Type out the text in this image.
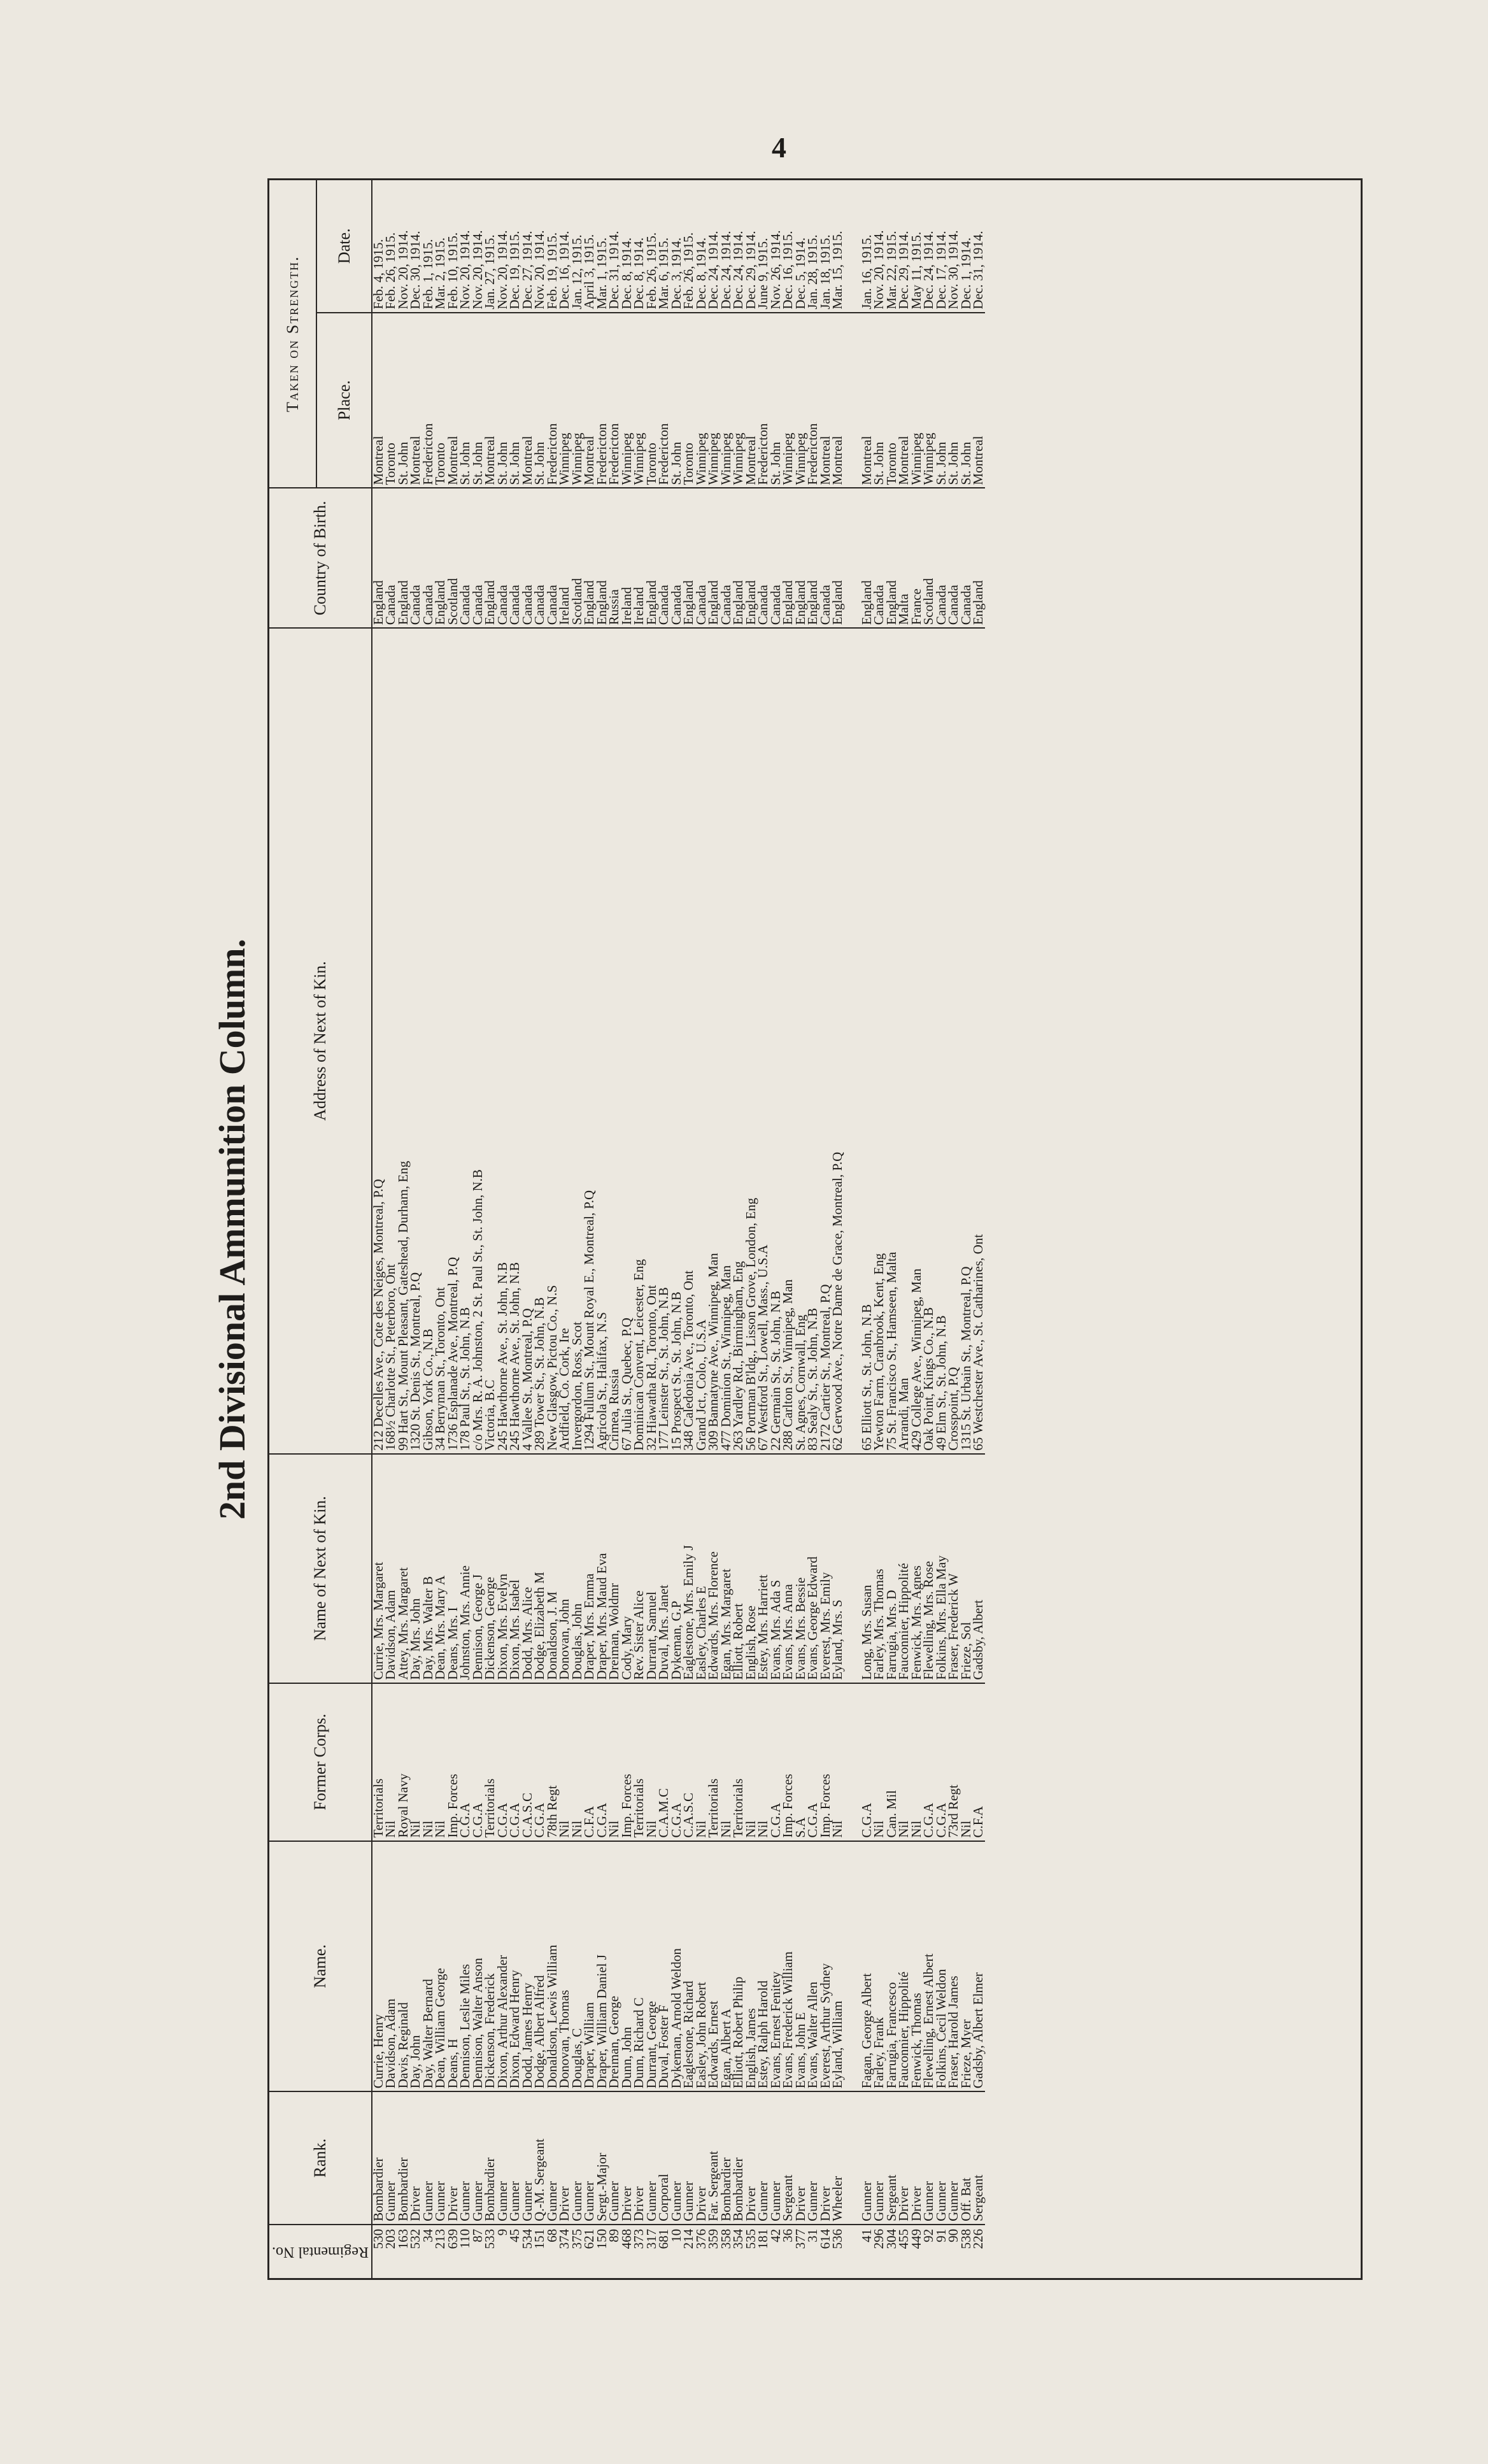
4
2nd Divisional Ammunition Column.
Regimental No.	Rank.	Name.	Former Corps.	Name of Next of Kin.	Address of Next of Kin.	Country of Birth.	Taken on Strength.	
							Place.	Date.
530	Bombardier	Currie, Henry	Territorials	Currie, Mrs. Margaret	212 Decelles Ave., Cote des Neiges, Montreal, P.Q	England	Montreal	Feb. 4, 1915.
203	Gunner	Davidson, Adam	Nil	Davidson, Adam	168½ Charlotte St., Peterboro, Ont	Canada	Toronto	Feb. 26, 1915.
163	Bombardier	Davis, Reginald	Royal Navy	Attey, Mrs. Margaret	99 Hart St., Mount Pleasant, Gateshead, Durham, Eng	England	St. John	Nov. 20, 1914.
532	Driver	Day, John	Nil	Day, Mrs. John	1320 St. Denis St., Montreal, P.Q	Canada	Montreal	Dec. 30, 1914.
34	Gunner	Day, Walter Bernard	Nil	Day, Mrs. Walter B	Gibson, York Co., N.B	Canada	Fredericton	Feb. 1, 1915.
213	Gunner	Dean, William George	Nil	Dean, Mrs. Mary A	34 Berryman St., Toronto, Ont	England	Toronto	Mar. 2, 1915.
639	Driver	Deans, H	Imp. Forces	Deans, Mrs. I	1736 Esplanade Ave., Montreal, P.Q	Scotland	Montreal	Feb. 10, 1915.
110	Gunner	Dennison, Leslie Miles	C.G.A	Johnston, Mrs. Annie	178 Paul St., St. John, N.B	Canada	St. John	Nov. 20, 1914.
87	Gunner	Dennison, Walter Anson	C.G.A	Dennison, George J	c/o Mrs. R. A. Johnston, 2 St. Paul St., St. John, N.B	Canada	St. John	Nov. 20, 1914.
533	Bombardier	Dickenson, Frederick	Territorials	Dickenson, George	Victoria, B.C	England	Montreal	Jan. 27, 1915.
9	Gunner	Dixon, Arthur Alexander	C.G.A	Dixon, Mrs. Evelyn	245 Hawthorne Ave., St. John, N.B	Canada	St. John	Nov. 20, 1914.
45	Gunner	Dixon, Edward Henry	C.G.A	Dixon, Mrs. Isabel	245 Hawthorne Ave., St. John, N.B	Canada	St. John	Dec. 19, 1915.
534	Gunner	Dodd, James Henry	C.A.S.C	Dodd, Mrs. Alice	4 Vallee St., Montreal, P.Q	Canada	Montreal	Dec. 27, 1914.
151	Q.-M. Sergeant	Dodge, Albert Alfred	C.G.A	Dodge, Elizabeth M	289 Tower St., St. John, N.B	Canada	St. John	Nov. 20, 1914.
68	Gunner	Donaldson, Lewis William	78th Regt	Donaldson, J. M	New Glasgow, Pictou Co., N.S	Canada	Fredericton	Feb. 19, 1915.
374	Driver	Donovan, Thomas	Nil	Donovan, John	Ardfield, Co. Cork, Ire	Ireland	Winnipeg	Dec. 16, 1914.
375	Gunner	Douglas, C	Nil	Douglas, John	Invergordon, Ross, Scot	Scotland	Winnipeg	Jan. 12, 1915.
621	Gunner	Draper, William	C.F.A	Draper, Mrs. Emma	1294 Fullum St., Mount Royal E., Montreal, P.Q	England	Montreal	April 3, 1915.
150	Sergt.-Major	Draper, William Daniel J	C.G.A	Draper, Mrs. Maud Eva	Agricola St., Halifax, N.S	England	Fredericton	Mar. 1, 1915.
89	Gunner	Dreiman, George	Nil	Dreiman, Woldmr	Crimea, Russia	Russia	Fredericton	Dec. 31, 1914.
468	Driver	Dunn, John	Imp. Forces	Cody, Mary	67 Julia St., Quebec, P.Q	Ireland	Winnipeg	Dec. 8, 1914.
373	Driver	Dunn, Richard C	Territorials	Rev. Sister Alice	Dominican Convent, Leicester, Eng	Ireland	Winnipeg	Dec. 8, 1914.
317	Gunner	Durrant, George	Nil	Durrant, Samuel	32 Hiawatha Rd., Toronto, Ont	England	Toronto	Feb. 26, 1915.
681	Corporal	Duval, Foster F	C.A.M.C	Duval, Mrs. Janet	177 Leinster St., St. John, N.B	Canada	Fredericton	Mar. 6, 1915.
10	Gunner	Dykeman, Arnold Weldon	C.G.A	Dykeman, G.P	15 Prospect St., St. John, N.B	Canada	St. John	Dec. 3, 1914.
214	Gunner	Eaglestone, Richard	C.A.S.C	Eaglestone, Mrs. Emily J	348 Caledonia Ave., Toronto, Ont	England	Toronto	Feb. 26, 1915.
376	Driver	Easley, John Robert	Nil	Easley, Charles E	Grand Jct., Colo., U.S.A	Canada	Winnipeg	Dec. 8, 1914.
359	Far. Sergeant	Edwards, Ernest	Territorials	Edwards, Mrs. Florence	309 Bannatyne Ave., Winnipeg, Man	England	Winnipeg	Dec. 24, 1914.
358	Bombardier	Egan, Albert A	Nil	Egan, Mrs. Margaret	477 Dominion St., Winnipeg, Man	Canada	Winnipeg	Dec. 24, 1914.
354	Bombardier	Elliott, Robert Philip	Territorials	Elliott, Robert	263 Yardley Rd., Birmingham, Eng	England	Winnipeg	Dec. 24, 1914.
535	Driver	English, James	Nil	English, Rose	56 Portman B'ldg., Lisson Grove, London, Eng	England	Montreal	Dec. 29, 1914.
181	Gunner	Estey, Ralph Harold	Nil	Estey, Mrs. Harriett	67 Westford St., Lowell, Mass., U.S.A	Canada	Fredericton	June 9, 1915.
42	Gunner	Evans, Ernest Fenitey	C.G.A	Evans, Mrs. Ada S	22 Germain St., St. John, N.B	Canada	St. John	Nov. 26, 1914.
36	Sergeant	Evans, Frederick William	Imp. Forces	Evans, Mrs. Anna	288 Carlton St., Winnipeg, Man	England	Winnipeg	Dec. 16, 1915.
377	Driver	Evans, John E	S.A	Evans, Mrs. Bessie	St. Agnes, Cornwall, Eng	England	Winnipeg	Dec. 5, 1914.
31	Gunner	Evans, Walter Allen	C.G.A	Evans, George Edward	83 Sealy St., St. John, N.B	England	Fredericton	Jan. 28, 1915.
614	Driver	Everest, Arthur Sydney	Imp. Forces	Everest, Mrs. Emily	2172 Cartier St., Montreal, P.Q	Canada	Montreal	Jan. 18, 1915.
536	Wheeler	Eyland, William	Nil	Eyland, Mrs. S	62 Gerwood Ave., Notre Dame de Grace, Montreal, P.Q	England	Montreal	Mar. 15, 1915.

41	Gunner	Fagan, George Albert	C.G.A	Long, Mrs. Susan	65 Elliott St., St. John, N.B	England	Montreal	Jan. 16, 1915.
296	Gunner	Farley, Frank	Nil	Farley, Mrs. Thomas	Yewton Farm, Cranbrook, Kent, Eng	Canada	St. John	Nov. 20, 1914.
304	Sergeant	Farrugia, Francesco	Can. Mil	Farrugia, Mrs. D	75 St. Francisco St., Hamseen, Malta	England	Toronto	Mar. 22, 1915.
455	Driver	Fauconnier, Hippolité	Nil	Fauconnier, Hippolité	Arrandi, Man	Malta	Montreal	Dec. 29, 1914.
449	Driver	Fenwick, Thomas	Nil	Fenwick, Mrs. Agnes	429 College Ave., Winnipeg, Man	France	Winnipeg	May 11, 1915.
92	Gunner	Flewelling, Ernest Albert	C.G.A	Flewelling, Mrs. Rose	Oak Point, Kings Co., N.B	Scotland	Winnipeg	Dec. 24, 1914.
91	Gunner	Folkins, Cecil Weldon	C.G.A	Folkins, Mrs. Ella May	49 Elm St., St. John, N.B	Canada	St. John	Dec. 17, 1914.
90	Gunner	Fraser, Harold James	73rd Regt	Fraser, Frederick W	Crosspoint, P.Q	Canada	St. John	Nov. 30, 1914.
538	Off. Bat	Frieze, Myer	Nil	Frieze, Sol	1315 St. Urbain St., Montreal, P.Q	Canada	St. John	Dec. 1, 1914.
226	Sergeant	Gadsby, Albert Elmer	C.F.A	Gadsby, Albert	65 Westchester Ave., St. Catharines, Ont	England	Montreal	Dec. 31, 1914.
